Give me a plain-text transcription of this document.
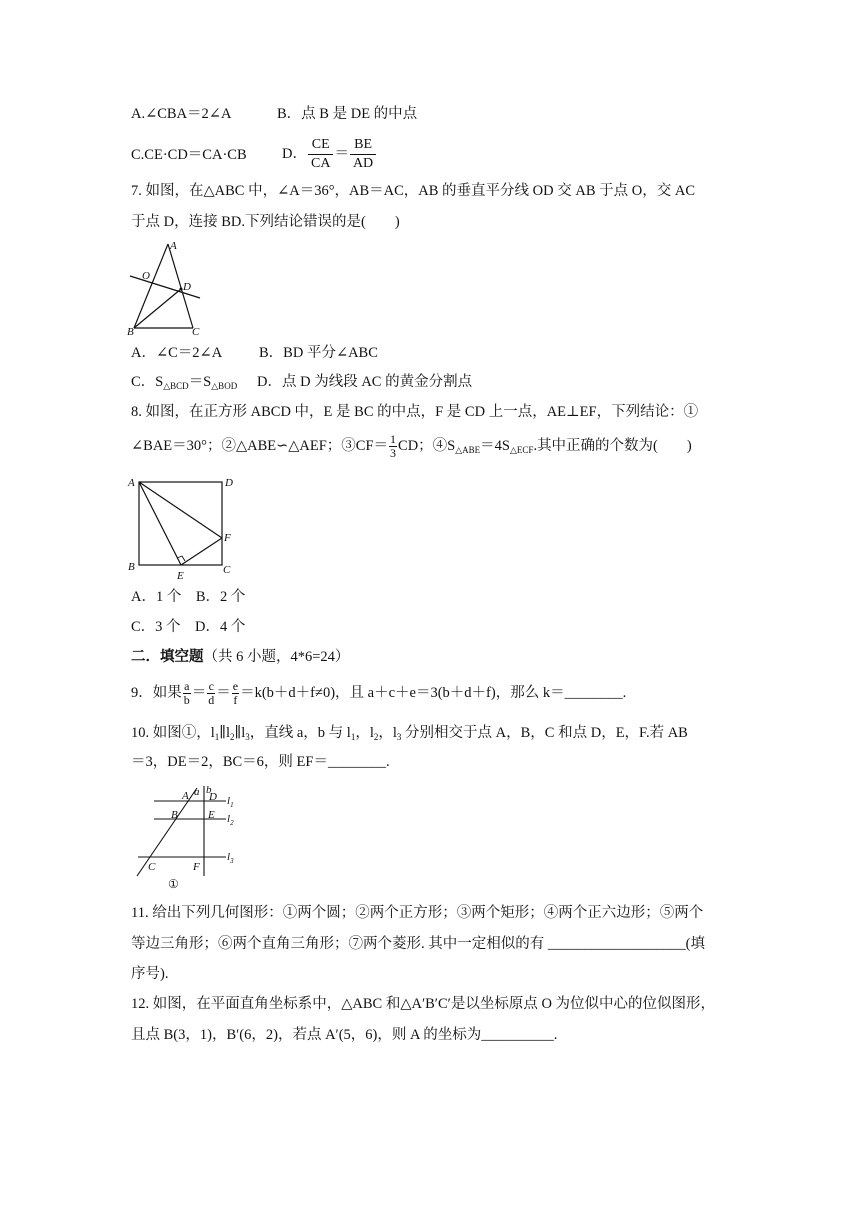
A.∠CBA＝2∠A	B．点 B 是 DE 的中点
C.CE·CD＝CA·CB D． $\frac{CE}{CA} = \frac{BE}{AD}$
7. 如图，在△ABC 中，∠A＝36°，AB＝AC，AB 的垂直平分线 OD 交 AB 于点 O，交 AC
于点 D，连接 BD.下列结论错误的是(　　)
A
O
D
B	C
A．∠C＝2∠A	B．BD 平分∠ABC
C．$S_{\triangle BCD}=S_{\triangle BOD}$ D．点 D 为线段 AC 的黄金分割点
8. 如图，在正方形 ABCD 中，E 是 BC 的中点，F 是 CD 上一点，AE⊥EF，下列结论：①
∠BAE＝30°；②△ABE∽△AEF；③CF＝ $\frac{1}{3}$ CD；$④S_{\triangle ABE}=4S_{\triangle ECF}$.其中正确的个数为(　　)
A	D
F
B	C
E
A．1 个　B．2 个
C．3 个　D．4 个
二．填空题（共 6 小题，4*6=24）
9．如果 $\frac{a}{b} = \frac{c}{d} = \frac{e}{f} =k(b+d+f\ne 0)$，且 a＋c＋e＝3(b＋d＋f)，那么 k＝________.
10. 如图①，$l_1\parallel l_2\parallel l_3$，直线 a，b 与 $l_1$，$l_2$，$l_3$ 分别相交于点 A，B，C 和点 D，E，F.若 AB
＝3，DE＝2，BC＝6，则 EF＝________.
A a b
D
B	E
C	F
$l_1$
$l_2$
$l_3$
①
11. 给出下列几何图形：①两个圆；②两个正方形；③两个矩形；④两个正六边形；⑤两个
等边三角形；⑥两个直角三角形；⑦两个菱形. 其中一定相似的有 ___________________(填
序号).
12. 如图，在平面直角坐标系中，△ABC 和△A′B′C′是以坐标原点 O 为位似中心的位似图形，
且点 B(3，1)，B′(6，2)，若点 A′(5，6)，则 A 的坐标为__________.
